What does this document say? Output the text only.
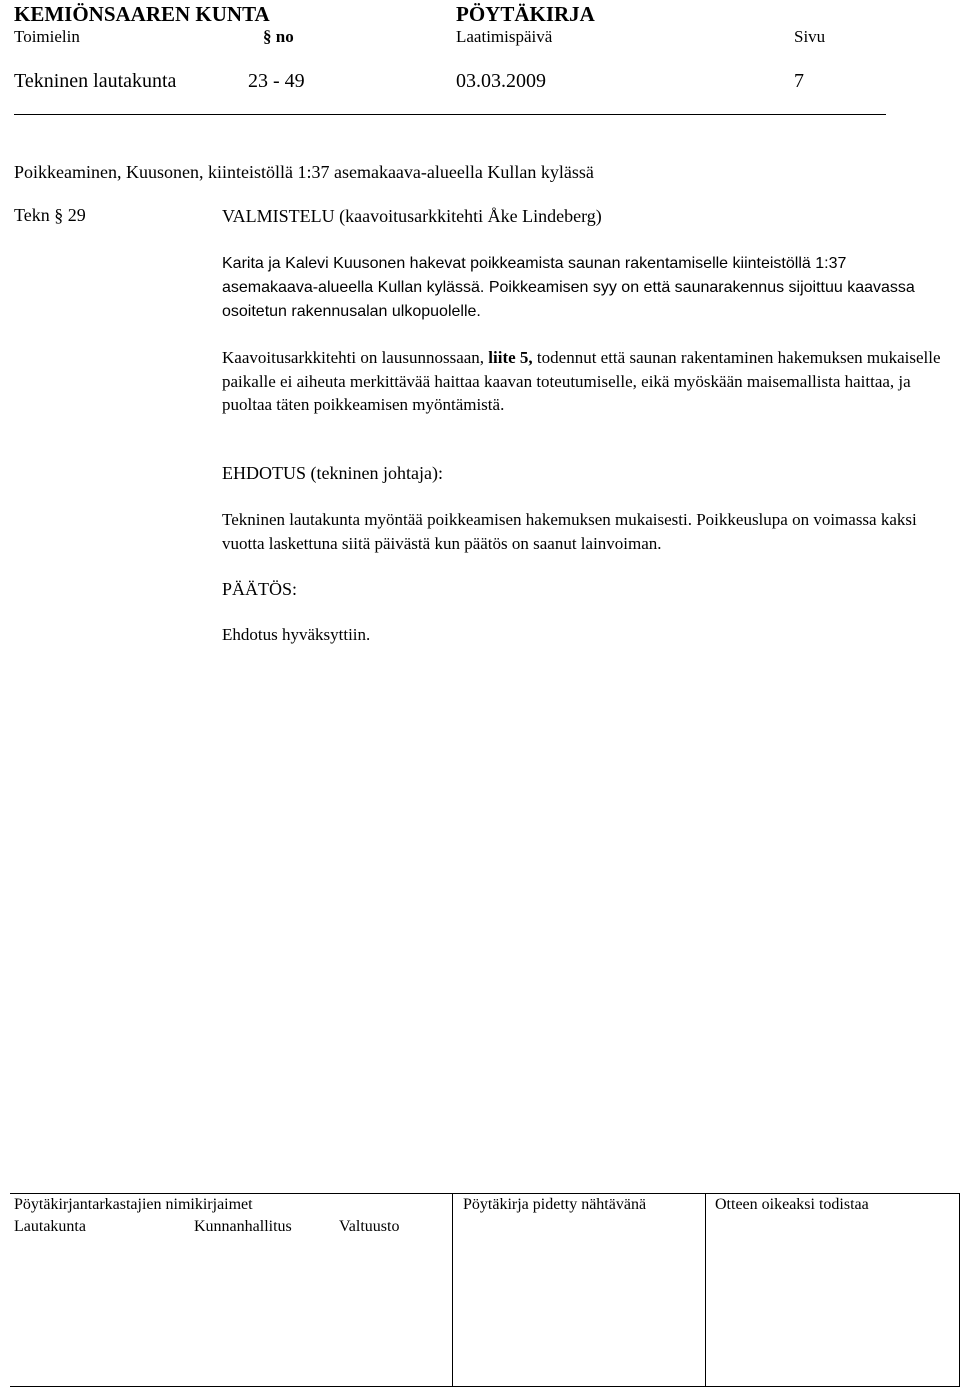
KEMIÖNSAAREN KUNTA	PÖYTÄKIRJA
Toimielin	§ no	Laatimispäivä	Sivu
Tekninen lautakunta	23 - 49	03.03.2009	7
Poikkeaminen, Kuusonen, kiinteistöllä 1:37 asemakaava-alueella Kullan kylässä
Tekn § 29	VALMISTELU (kaavoitusarkkitehti Åke Lindeberg)
Karita ja Kalevi Kuusonen hakevat poikkeamista saunan rakentamiselle kiinteistöllä 1:37 asemakaava-alueella Kullan kylässä. Poikkeamisen syy on että saunarakennus sijoittuu kaavassa osoitetun rakennusalan ulkopuolelle.
Kaavoitusarkkitehti on lausunnossaan, liite 5, todennut että saunan rakentaminen hakemuksen mukaiselle paikalle ei aiheuta merkittävää haittaa kaavan toteutumiselle, eikä myöskään maisemallista haittaa, ja puoltaa täten poikkeamisen myöntämistä.
EHDOTUS (tekninen johtaja):
Tekninen lautakunta myöntää poikkeamisen hakemuksen mukaisesti. Poikkeuslupa on voimassa kaksi vuotta laskettuna siitä päivästä kun päätös on saanut lainvoiman.
PÄÄTÖS:
Ehdotus hyväksyttiin.
Pöytäkirjantarkastajien nimikirjaimet
Lautakunta	Kunnanhallitus	Valtuusto
Pöytäkirja pidetty nähtävänä	Otteen oikeaksi todistaa
